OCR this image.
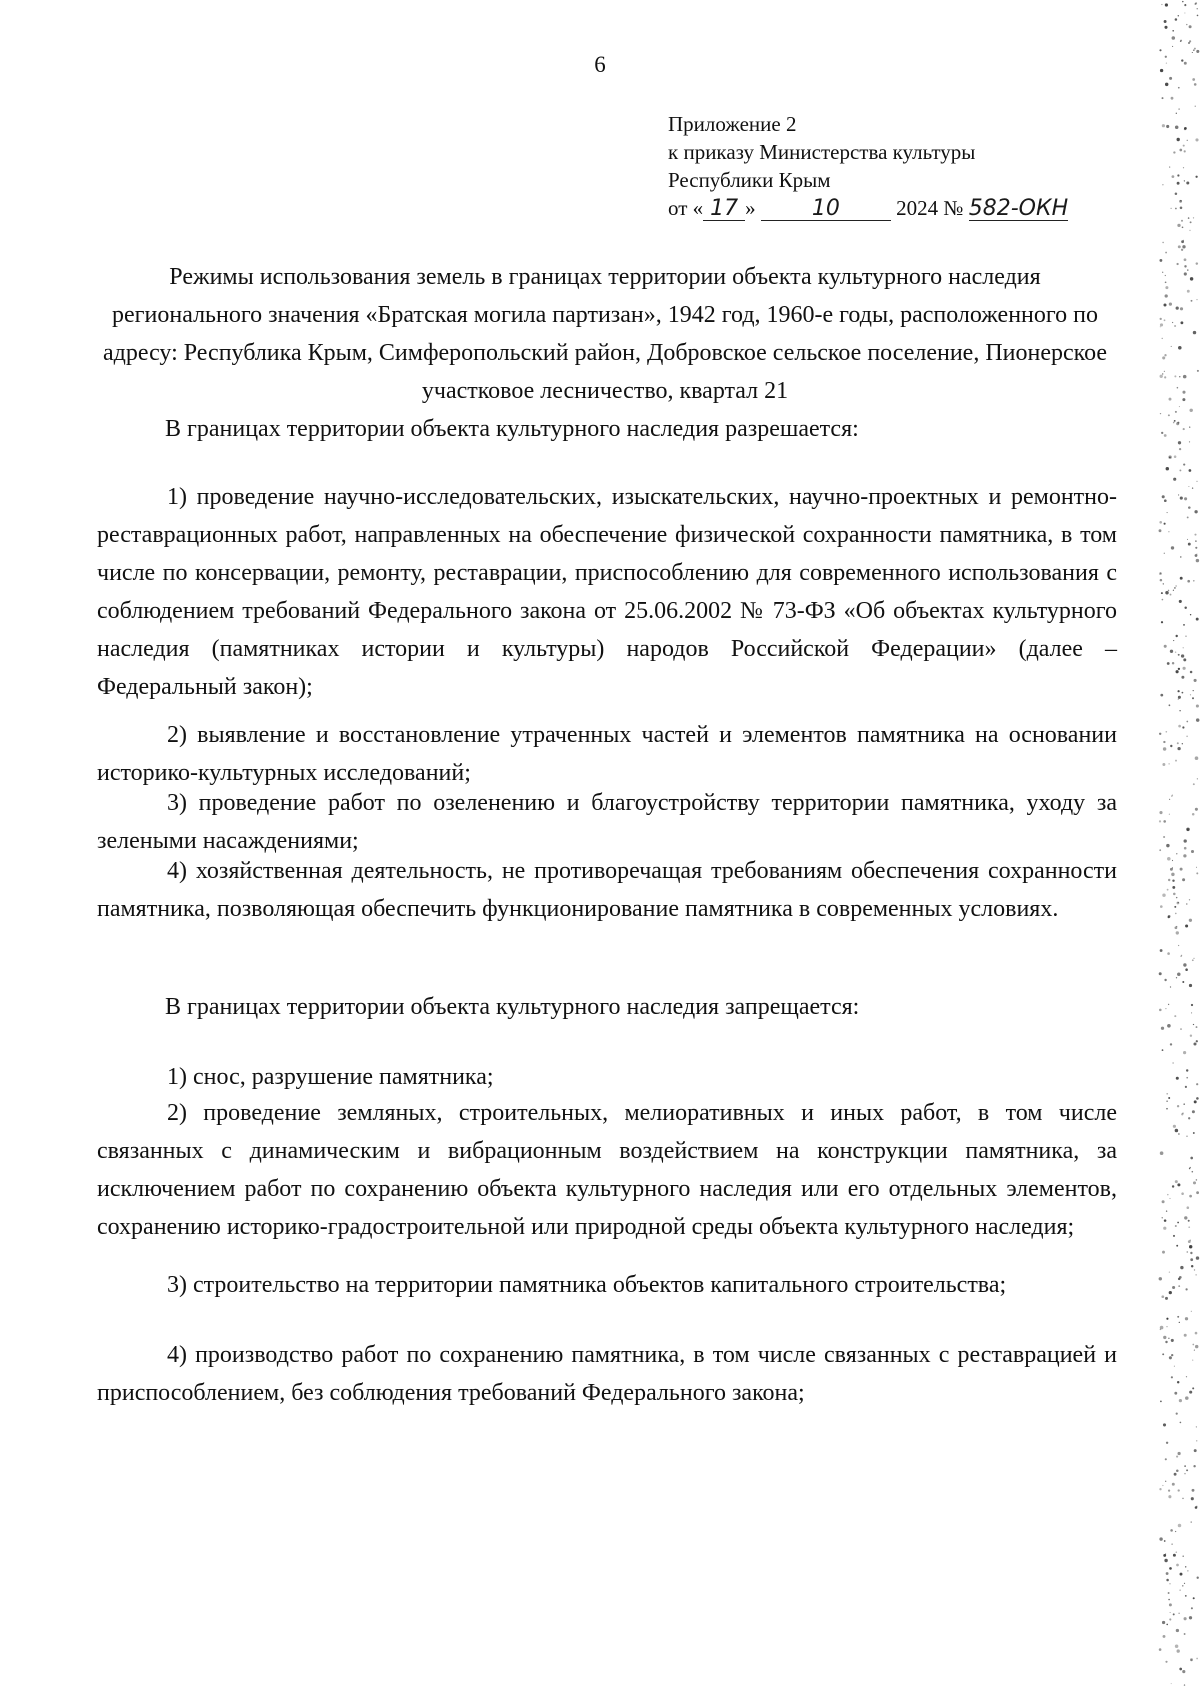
6
Приложение 2
к приказу Министерства культуры
Республики Крым
от « 17 »	10	2024 № 582-ОКН
Режимы использования земель в границах территории объекта культурного наследия регионального значения «Братская могила партизан», 1942 год, 1960-е годы, расположенного по адресу: Республика Крым, Симферопольский район, Добровское сельское поселение, Пионерское участковое лесничество, квартал 21
В границах территории объекта культурного наследия разрешается:
1) проведение научно-исследовательских, изыскательских, научно-проектных и ремонтно-реставрационных работ, направленных на обеспечение физической сохранности памятника, в том числе по консервации, ремонту, реставрации, приспособлению для современного использования с соблюдением требований Федерального закона от 25.06.2002 № 73-ФЗ «Об объектах культурного наследия (памятниках истории и культуры) народов Российской Федерации» (далее – Федеральный закон);
2) выявление и восстановление утраченных частей и элементов памятника на основании историко-культурных исследований;
3) проведение работ по озеленению и благоустройству территории памятника, уходу за зелеными насаждениями;
4) хозяйственная деятельность, не противоречащая требованиям обеспечения сохранности памятника, позволяющая обеспечить функционирование памятника в современных условиях.
В границах территории объекта культурного наследия запрещается:
1) снос, разрушение памятника;
2) проведение земляных, строительных, мелиоративных и иных работ, в том числе связанных с динамическим и вибрационным воздействием на конструкции памятника, за исключением работ по сохранению объекта культурного наследия или его отдельных элементов, сохранению историко-градостроительной или природной среды объекта культурного наследия;
3) строительство на территории памятника объектов капитального строительства;
4) производство работ по сохранению памятника, в том числе связанных с реставрацией и приспособлением, без соблюдения требований Федерального закона;
